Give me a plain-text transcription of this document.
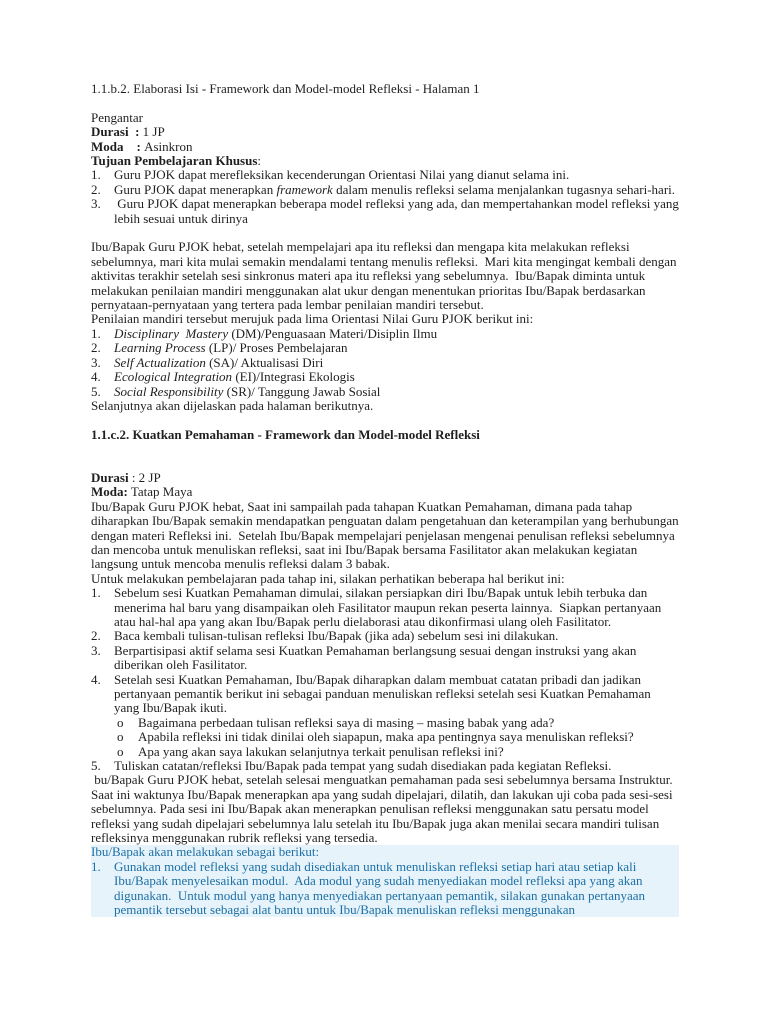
1.1.b.2. Elaborasi Isi - Framework dan Model-model Refleksi - Halaman 1

Pengantar

Durasi  : 1 JP

Moda    : Asinkron

Tujuan Pembelajaran Khusus:

1. Guru PJOK dapat merefleksikan kecenderungan Orientasi Nilai yang dianut selama ini.
2. Guru PJOK dapat menerapkan framework dalam menulis refleksi selama menjalankan tugasnya sehari-hari.
3. Guru PJOK dapat menerapkan beberapa model refleksi yang ada, dan mempertahankan model refleksi yang lebih sesuai untuk dirinya

Ibu/Bapak Guru PJOK hebat, setelah mempelajari apa itu refleksi dan mengapa kita melakukan refleksi sebelumnya, mari kita mulai semakin mendalami tentang menulis refleksi.  Mari kita mengingat kembali dengan aktivitas terakhir setelah sesi sinkronus materi apa itu refleksi yang sebelumnya.  Ibu/Bapak diminta untuk melakukan penilaian mandiri menggunakan alat ukur dengan menentukan prioritas Ibu/Bapak berdasarkan pernyataan-pernyataan yang tertera pada lembar penilaian mandiri tersebut.

Penilaian mandiri tersebut merujuk pada lima Orientasi Nilai Guru PJOK berikut ini:

1. Disciplinary  Mastery (DM)/Penguasaan Materi/Disiplin Ilmu
2. Learning Process (LP)/ Proses Pembelajaran
3. Self Actualization (SA)/ Aktualisasi Diri
4. Ecological Integration (EI)/Integrasi Ekologis
5. Social Responsibility (SR)/ Tanggung Jawab Sosial

Selanjutnya akan dijelaskan pada halaman berikutnya.

1.1.c.2. Kuatkan Pemahaman - Framework dan Model-model Refleksi

Durasi : 2 JP

Moda: Tatap Maya

Ibu/Bapak Guru PJOK hebat, Saat ini sampailah pada tahapan Kuatkan Pemahaman, dimana pada tahap diharapkan Ibu/Bapak semakin mendapatkan penguatan dalam pengetahuan dan keterampilan yang berhubungan dengan materi Refleksi ini.  Setelah Ibu/Bapak mempelajari penjelasan mengenai penulisan refleksi sebelumnya dan mencoba untuk menuliskan refleksi, saat ini Ibu/Bapak bersama Fasilitator akan melakukan kegiatan langsung untuk mencoba menulis refleksi dalam 3 babak.

Untuk melakukan pembelajaran pada tahap ini, silakan perhatikan beberapa hal berikut ini:

1. Sebelum sesi Kuatkan Pemahaman dimulai, silakan persiapkan diri Ibu/Bapak untuk lebih terbuka dan menerima hal baru yang disampaikan oleh Fasilitator maupun rekan peserta lainnya.  Siapkan pertanyaan atau hal-hal apa yang akan Ibu/Bapak perlu dielaborasi atau dikonfirmasi ulang oleh Fasilitator.
2. Baca kembali tulisan-tulisan refleksi Ibu/Bapak (jika ada) sebelum sesi ini dilakukan.
3. Berpartisipasi aktif selama sesi Kuatkan Pemahaman berlangsung sesuai dengan instruksi yang akan diberikan oleh Fasilitator.
4. Setelah sesi Kuatkan Pemahaman, Ibu/Bapak diharapkan dalam membuat catatan pribadi dan jadikan pertanyaan pemantik berikut ini sebagai panduan menuliskan refleksi setelah sesi Kuatkan Pemahaman yang Ibu/Bapak ikuti.
o Bagaimana perbedaan tulisan refleksi saya di masing – masing babak yang ada?
o Apabila refleksi ini tidak dinilai oleh siapapun, maka apa pentingnya saya menuliskan refleksi?
o Apa yang akan saya lakukan selanjutnya terkait penulisan refleksi ini?

5. Tuliskan catatan/refleksi Ibu/Bapak pada tempat yang sudah disediakan pada kegiatan Refleksi.

bu/Bapak Guru PJOK hebat, setelah selesai menguatkan pemahaman pada sesi sebelumnya bersama Instruktur.  Saat ini waktunya Ibu/Bapak menerapkan apa yang sudah dipelajari, dilatih, dan lakukan uji coba pada sesi-sesi sebelumnya. Pada sesi ini Ibu/Bapak akan menerapkan penulisan refleksi menggunakan satu persatu model refleksi yang sudah dipelajari sebelumnya lalu setelah itu Ibu/Bapak juga akan menilai secara mandiri tulisan refleksinya menggunakan rubrik refleksi yang tersedia.

Ibu/Bapak akan melakukan sebagai berikut:

1. Gunakan model refleksi yang sudah disediakan untuk menuliskan refleksi setiap hari atau setiap kali Ibu/Bapak menyelesaikan modul.  Ada modul yang sudah menyediakan model refleksi apa yang akan digunakan.  Untuk modul yang hanya menyediakan pertanyaan pemantik, silakan gunakan pertanyaan pemantik tersebut sebagai alat bantu untuk Ibu/Bapak menuliskan refleksi menggunakan
